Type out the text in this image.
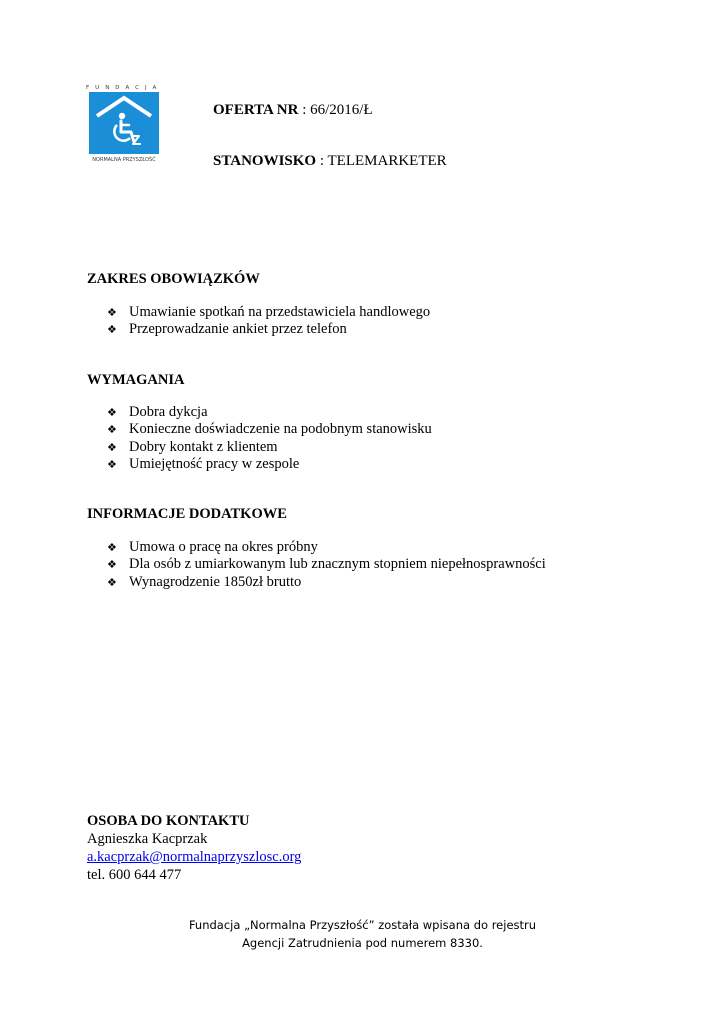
FUNDACJA
NORMALNA PRZYSZŁOŚĆ
OFERTA NR : 66/2016/Ł
STANOWISKO : TELEMARKETER
ZAKRES OBOWIĄZKÓW
❖ Umawianie spotkań na przedstawiciela handlowego
❖ Przeprowadzanie ankiet przez telefon
WYMAGANIA
❖ Dobra dykcja
❖ Konieczne doświadczenie na podobnym stanowisku
❖ Dobry kontakt z klientem
❖ Umiejętność pracy w zespole
INFORMACJE DODATKOWE
❖ Umowa o pracę na okres próbny
❖ Dla osób z umiarkowanym lub znacznym stopniem niepełnosprawności
❖ Wynagrodzenie 1850zł brutto
OSOBA DO KONTAKTU
Agnieszka Kacprzak
a.kacprzak@normalnaprzyszlosc.org
tel. 600 644 477
Fundacja „Normalna Przyszłość” została wpisana do rejestru
Agencji Zatrudnienia pod numerem 8330.
